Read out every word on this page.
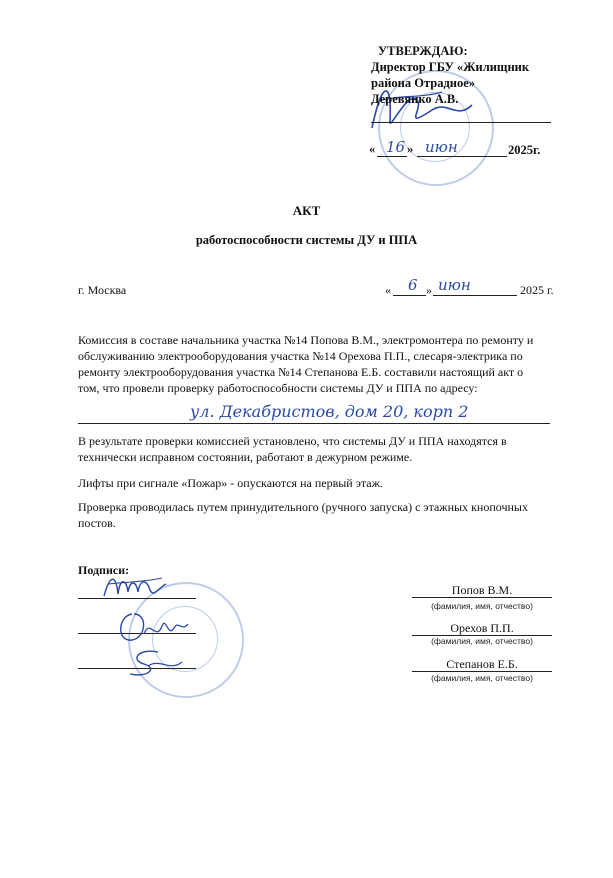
УТВЕРЖДАЮ:
Директор ГБУ «Жилищник
района Отрадное»
Деревянко А.В.
« 16 » июн	2025г.
АКТ
работоспособности системы ДУ и ППА
г. Москва	« 6 » июн	2025 г.
Комиссия в составе начальника участка №14 Попова В.М., электромонтера по ремонту и
обслуживанию электрооборудования участка №14 Орехова П.П., слесаря-электрика по
ремонту электрооборудования участка №14 Степанова Е.Б. составили настоящий акт о
том, что провели проверку работоспособности системы ДУ и ППА по адресу:
ул. Декабристов, дом 20, корп 2
В результате проверки комиссией установлено, что системы ДУ и ППА находятся в
технически исправном состоянии, работают в дежурном режиме.
Лифты при сигнале «Пожар» - опускаются на первый этаж.
Проверка проводилась путем принудительного (ручного запуска) с этажных кнопочных
постов.
Подписи:
Попов В.М.
(фамилия, имя, отчество)
Орехов П.П.
(фамилия, имя, отчество)
Степанов Е.Б.
(фамилия, имя, отчество)
